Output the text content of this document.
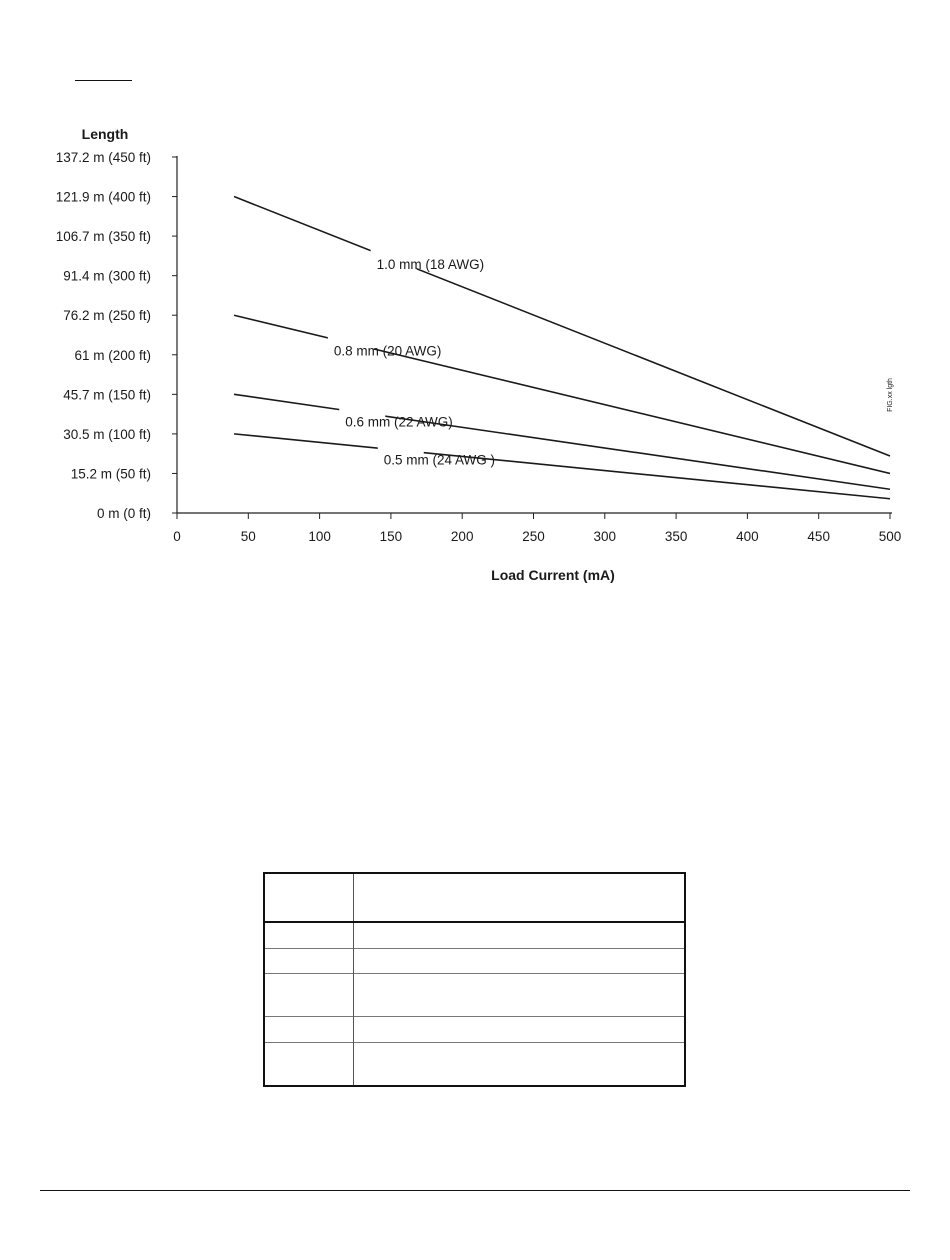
Length
0 m (0 ft)
15.2 m (50 ft)
30.5 m (100 ft)
45.7 m (150 ft)
61 m (200 ft)
76.2 m (250 ft)
91.4 m (300 ft)
106.7 m (350 ft)
121.9 m (400 ft)
137.2 m (450 ft)
0	50	100	150	200	250	300	350	400	450	500
1.0 mm (18 AWG)
0.8 mm (20 AWG)
0.6 mm (22 AWG)
0.5 mm (24 AWG )
Load Current (mA)
FIG.xx lgth
